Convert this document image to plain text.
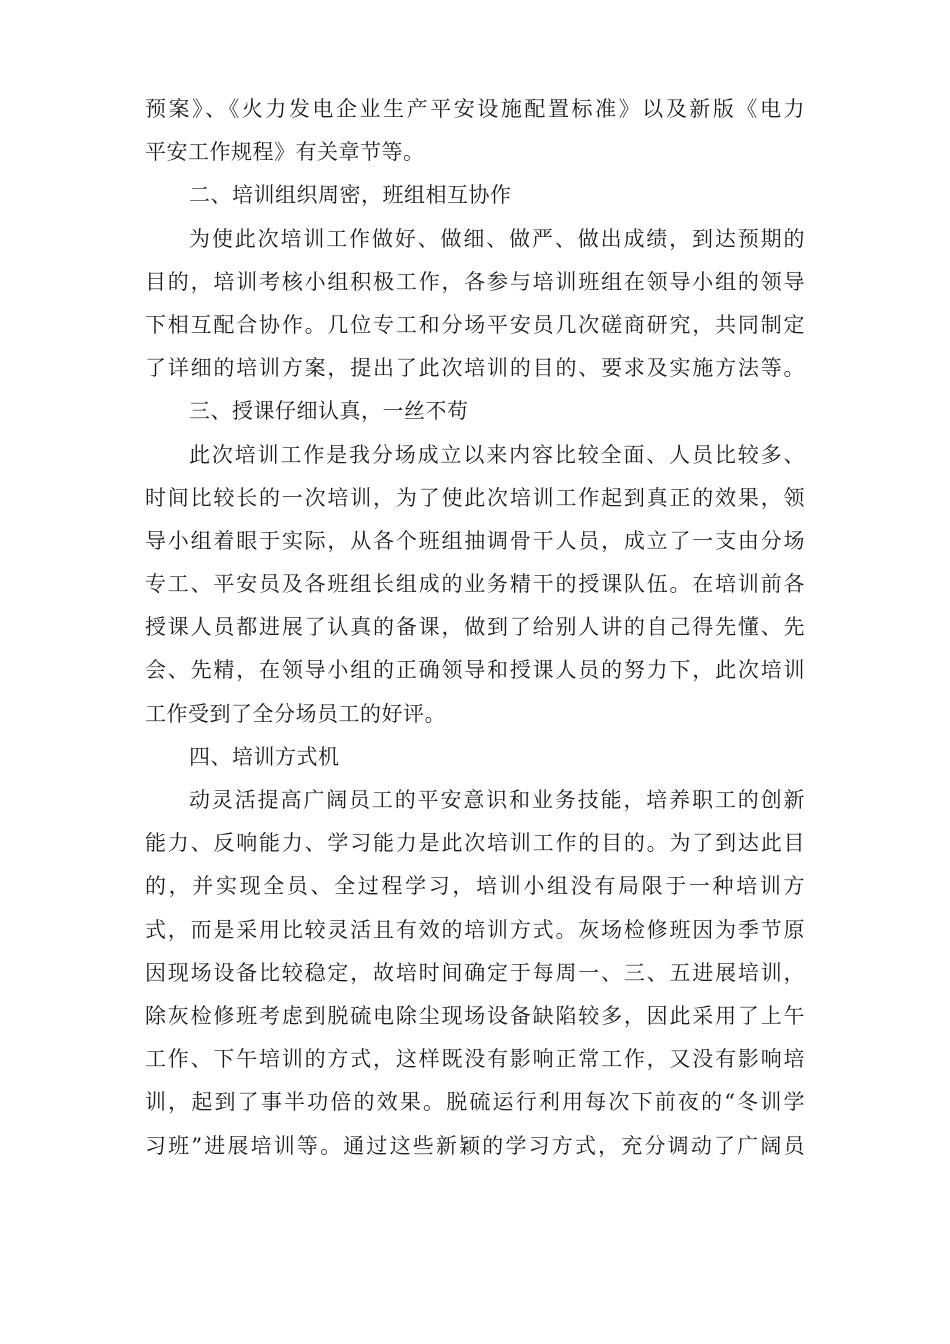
预案》、《火力发电企业生产平安设施配置标准》以及新版《电力
平安工作规程》有关章节等。
二、培训组织周密，班组相互协作
为使此次培训工作做好、做细、做严、做出成绩，到达预期的
目的，培训考核小组积极工作，各参与培训班组在领导小组的领导
下相互配合协作。几位专工和分场平安员几次磋商研究，共同制定
了详细的培训方案，提出了此次培训的目的、要求及实施方法等。
三、授课仔细认真，一丝不苟
此次培训工作是我分场成立以来内容比较全面、人员比较多、
时间比较长的一次培训，为了使此次培训工作起到真正的效果，领
导小组着眼于实际，从各个班组抽调骨干人员，成立了一支由分场
专工、平安员及各班组长组成的业务精干的授课队伍。在培训前各
授课人员都进展了认真的备课，做到了给别人讲的自己得先懂、先
会、先精，在领导小组的正确领导和授课人员的努力下，此次培训
工作受到了全分场员工的好评。
四、培训方式机
动灵活提高广阔员工的平安意识和业务技能，培养职工的创新
能力、反响能力、学习能力是此次培训工作的目的。为了到达此目
的，并实现全员、全过程学习，培训小组没有局限于一种培训方
式，而是采用比较灵活且有效的培训方式。灰场检修班因为季节原
因现场设备比较稳定，故培时间确定于每周一、三、五进展培训，
除灰检修班考虑到脱硫电除尘现场设备缺陷较多，因此采用了上午
工作、下午培训的方式，这样既没有影响正常工作，又没有影响培
训，起到了事半功倍的效果。脱硫运行利用每次下前夜的“冬训学
习班”进展培训等。通过这些新颖的学习方式，充分调动了广阔员
